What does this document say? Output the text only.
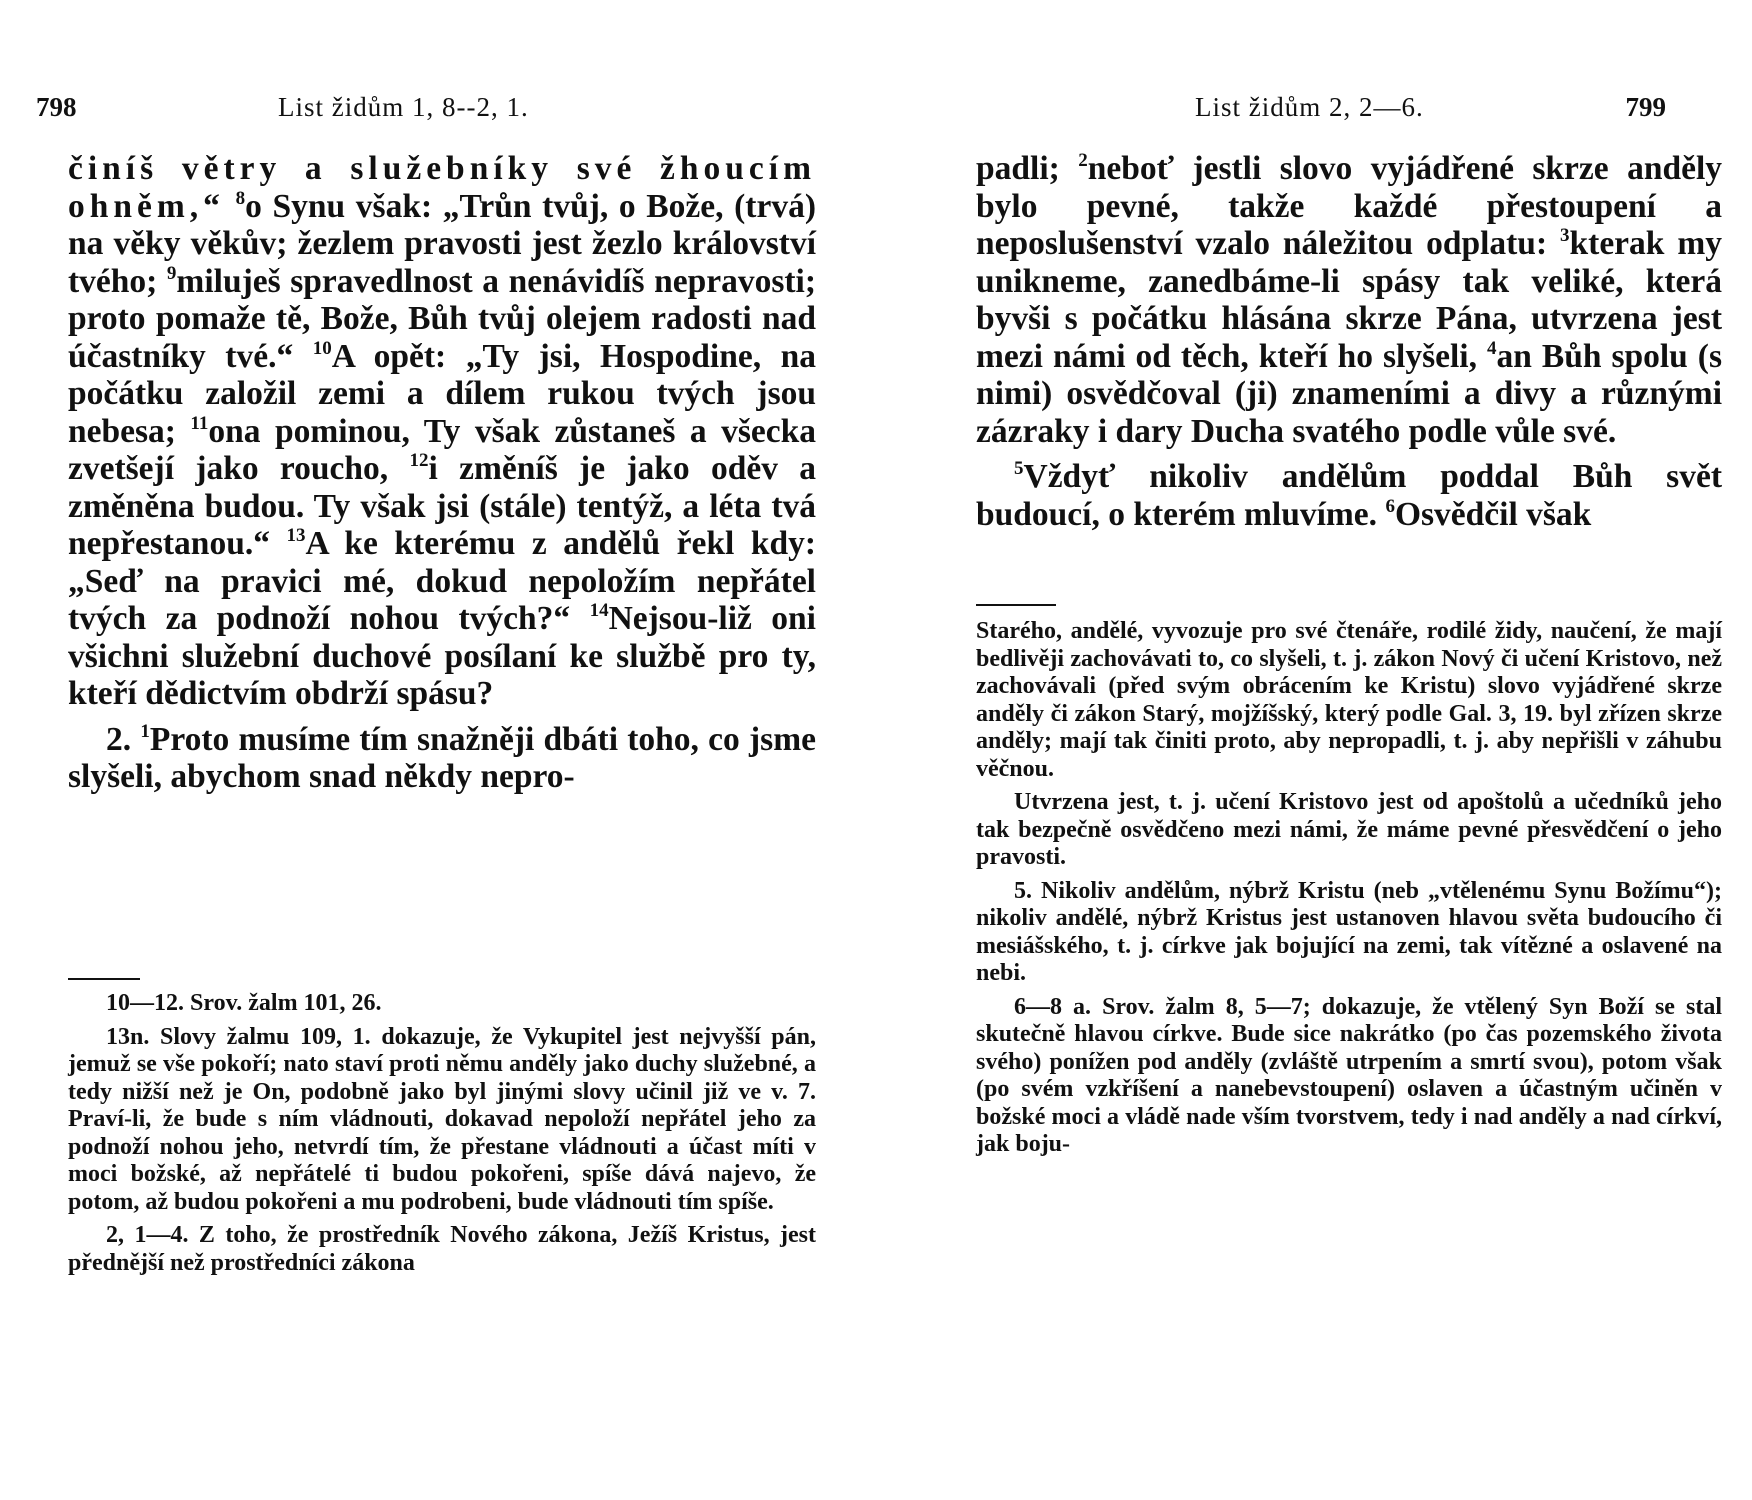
798	List židům 1, 8--2, 1.

činíš větry a služebníky své žhoucím ohněm,“ $^8$o Synu však: „Trůn tvůj, o Bože, (trvá) na věky věkův; žezlem pravosti jest žezlo království tvého; $^9$miluješ spravedlnost a nenávidíš nepravosti; proto pomaže tě, Bože, Bůh tvůj olejem radosti nad účastníky tvé.“ $^{10}$A opět: „Ty jsi, Hospodine, na počátku založil zemi a dílem rukou tvých jsou nebesa; $^{11}$ona pominou, Ty však zůstaneš a všecka zvetšejí jako roucho, $^{12}$i změníš je jako oděv a změněna budou. Ty však jsi (stále) tentýž, a léta tvá nepřestanou.“ $^{13}$A ke kterému z andělů řekl kdy: „Seď na pravici mé, dokud nepoložím nepřátel tvých za podnoží nohou tvých?“ $^{14}$Nejsou-liž oni všichni služební duchové posílaní ke službě pro ty, kteří dědictvím obdrží spásu?

2. $^1$Proto musíme tím snažněji dbáti toho, co jsme slyšeli, abychom snad někdy nepro-

10—12. Srov. žalm 101, 26.

13n. Slovy žalmu 109, 1. dokazuje, že Vykupitel jest nejvyšší pán, jemuž se vše pokoří; nato staví proti němu anděly jako duchy služebné, a tedy nižší než je On, podobně jako byl jinými slovy učinil již ve v. 7. Praví-li, že bude s ním vládnouti, dokavad nepoloží nepřátel jeho za podnoží nohou jeho, netvrdí tím, že přestane vládnouti a účast míti v moci božské, až nepřátelé ti budou pokořeni, spíše dává najevo, že potom, až budou pokořeni a mu podrobeni, bude vládnouti tím spíše.

2, 1—4. Z toho, že prostředník Nového zákona, Ježíš Kristus, jest přednější než prostředníci zákona

List židům 2, 2—6.	799

padli; $^2$neboť jestli slovo vyjádřené skrze anděly bylo pevné, takže každé přestoupení a neposlušenství vzalo náležitou odplatu: $^3$kterak my unikneme, zanedbáme-li spásy tak veliké, která byvši s počátku hlásána skrze Pána, utvrzena jest mezi námi od těch, kteří ho slyšeli, $^4$an Bůh spolu (s nimi) osvědčoval (ji) znameními a divy a různými zázraky i dary Ducha svatého podle vůle své.

$^5$Vždyť nikoliv andělům poddal Bůh svět budoucí, o kterém mluvíme. $^6$Osvědčil však

Starého, andělé, vyvozuje pro své čtenáře, rodilé židy, naučení, že mají bedlivěji zachovávati to, co slyšeli, t. j. zákon Nový či učení Kristovo, než zachovávali (před svým obrácením ke Kristu) slovo vyjádřené skrze anděly či zákon Starý, mojžíšský, který podle Gal. 3, 19. byl zřízen skrze anděly; mají tak činiti proto, aby nepropadli, t. j. aby nepřišli v záhubu věčnou.

Utvrzena jest, t. j. učení Kristovo jest od apoštolů a učedníků jeho tak bezpečně osvědčeno mezi námi, že máme pevné přesvědčení o jeho pravosti.

5. Nikoliv andělům, nýbrž Kristu (neb „vtělenému Synu Božímu“); nikoliv andělé, nýbrž Kristus jest ustanoven hlavou světa budoucího či mesiášského, t. j. církve jak bojující na zemi, tak vítězné a oslavené na nebi.

6—8 a. Srov. žalm 8, 5—7; dokazuje, že vtělený Syn Boží se stal skutečně hlavou církve. Bude sice nakrátko (po čas pozemského života svého) ponížen pod anděly (zvláště utrpením a smrtí svou), potom však (po svém vzkříšení a nanebevstoupení) oslaven a účastným učiněn v božské moci a vládě nade vším tvorstvem, tedy i nad anděly a nad církví, jak boju-
